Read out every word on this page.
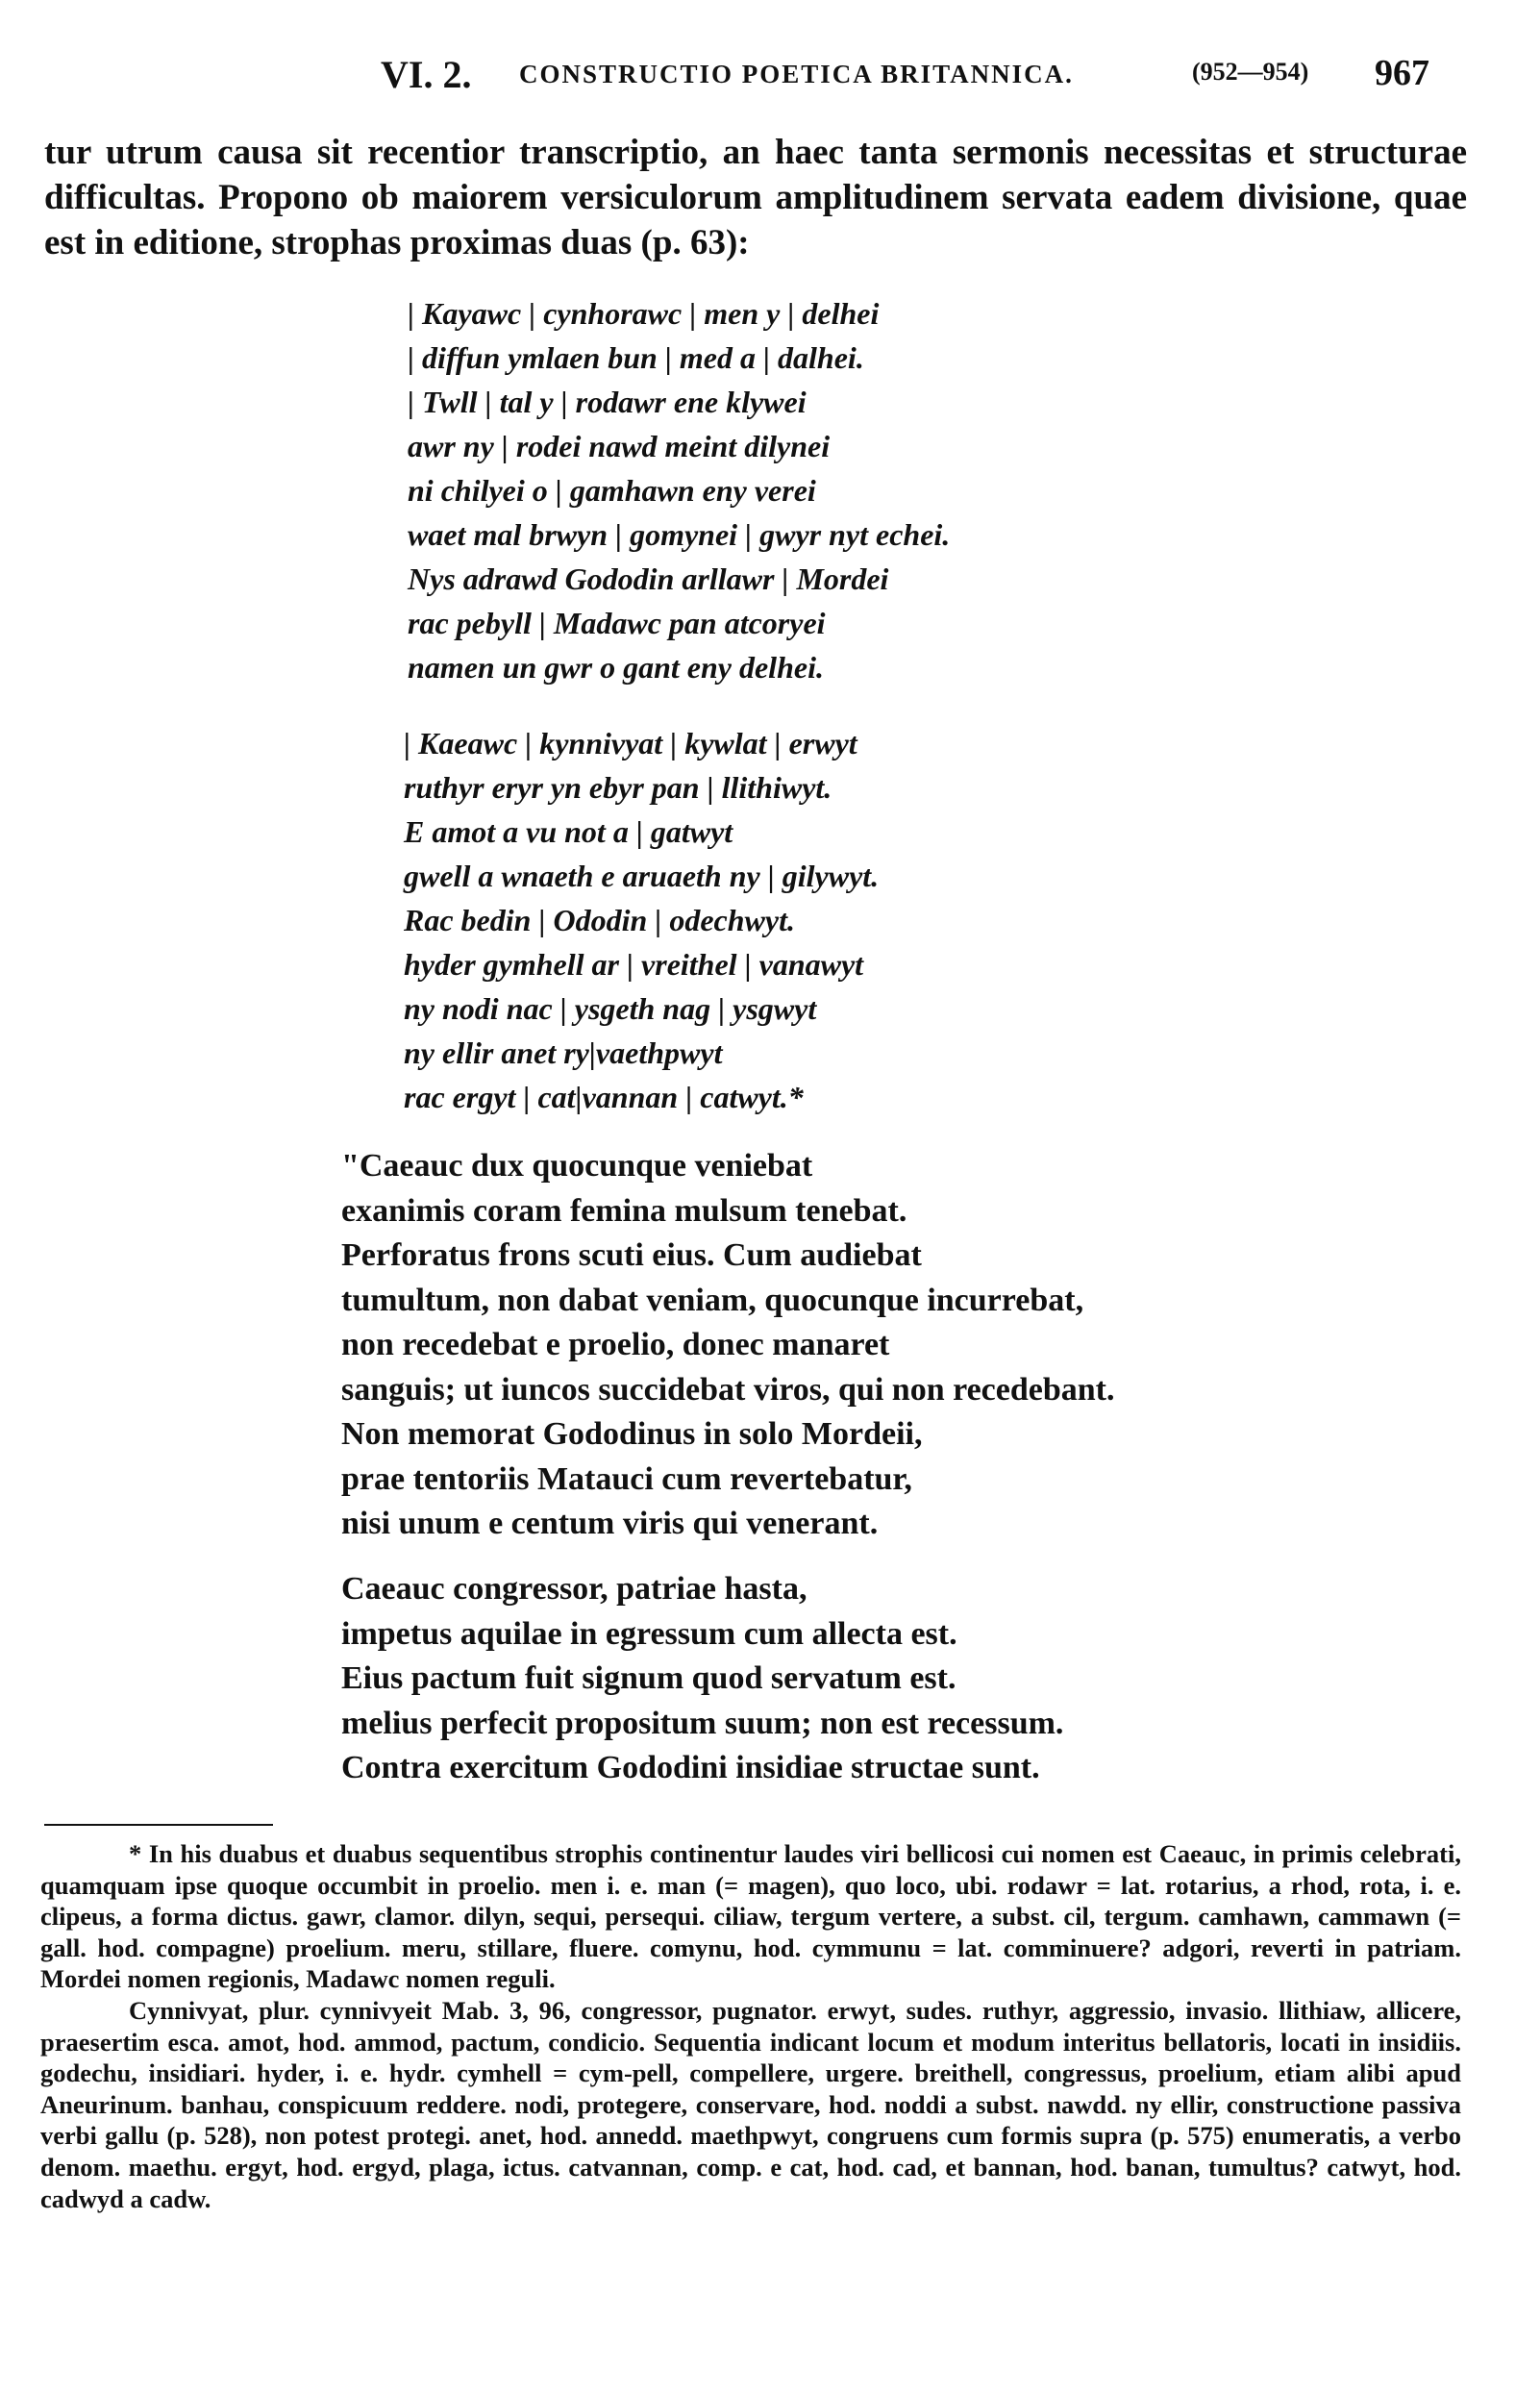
VI. 2. CONSTRUCTIO POETICA BRITANNICA.	(952—954) 967

tur utrum causa sit recentior transcriptio, an haec tanta sermonis necessitas et structurae difficultas. Propono ob maiorem versiculorum amplitudinem servata eadem divisione, quae est in editione, strophas proximas duas (p. 63):

| Kayawc | cynhorawc | men y | delhei
| diffun ymlaen bun | med a | dalhei.
| Twll | tal y | rodawr ene klywei
awr ny | rodei nawd meint dilynei
ni chilyei o | gamhawn eny verei
waet mal brwyn | gomynei | gwyr nyt echei.
Nys adrawd Gododin arllawr | Mordei
rac pebyll | Madawc pan atcoryei
namen un gwr o gant eny delhei.
| Kaeawc | kynnivyat | kywlat | erwyt
ruthyr eryr yn ebyr pan | llithiwyt.
E amot a vu not a | gatwyt
gwell a wnaeth e aruaeth ny | gilywyt.
Rac bedin | Ododin | odechwyt.
hyder gymhell ar | vreithel | vanawyt
ny nodi nac | ysgeth nag | ysgwyt
ny ellir anet ry|vaethpwyt
rac ergyt | cat|vannan | catwyt.*
"Caeauc dux quocunque veniebat
exanimis coram femina mulsum tenebat.
Perforatus frons scuti eius. Cum audiebat
tumultum, non dabat veniam, quocunque incurrebat,
non recedebat e proelio, donec manaret
sanguis; ut iuncos succidebat viros, qui non recedebant.
Non memorat Gododinus in solo Mordeii,
prae tentoriis Matauci cum revertebatur,
nisi unum e centum viris qui venerant.
Caeauc congressor, patriae hasta,
impetus aquilae in egressum cum allecta est.
Eius pactum fuit signum quod servatum est.
melius perfecit propositum suum; non est recessum.
Contra exercitum Gododini insidiae structae sunt.

* In his duabus et duabus sequentibus strophis continentur laudes viri bellicosi cui nomen est Caeauc, in primis celebrati, quamquam ipse quoque occumbit in proelio. men i. e. man (= magen), quo loco, ubi. rodawr = lat. rotarius, a rhod, rota, i. e. clipeus, a forma dictus. gawr, clamor. dilyn, sequi, persequi. ciliaw, tergum vertere, a subst. cil, tergum. camhawn, cammawn (= gall. hod. compagne) proelium. meru, stillare, fluere. comynu, hod. cymmunu = lat. comminuere? adgori, reverti in patriam. Mordei nomen regionis, Madawc nomen reguli.

Cynnivyat, plur. cynnivyeit Mab. 3, 96, congressor, pugnator. erwyt, sudes. ruthyr, aggressio, invasio. llithiaw, allicere, praesertim esca. amot, hod. ammod, pactum, condicio. Sequentia indicant locum et modum interitus bellatoris, locati in insidiis. godechu, insidiari. hyder, i. e. hydr. cymhell = cym-pell, compellere, urgere. breithell, congressus, proelium, etiam alibi apud Aneurinum. banhau, conspicuum reddere. nodi, protegere, conservare, hod. noddi a subst. nawdd. ny ellir, constructione passiva verbi gallu (p. 528), non potest protegi. anet, hod. annedd. maethpwyt, congruens cum formis supra (p. 575) enumeratis, a verbo denom. maethu. ergyt, hod. ergyd, plaga, ictus. catvannan, comp. e cat, hod. cad, et bannan, hod. banan, tumultus? catwyt, hod. cadwyd a cadw.
